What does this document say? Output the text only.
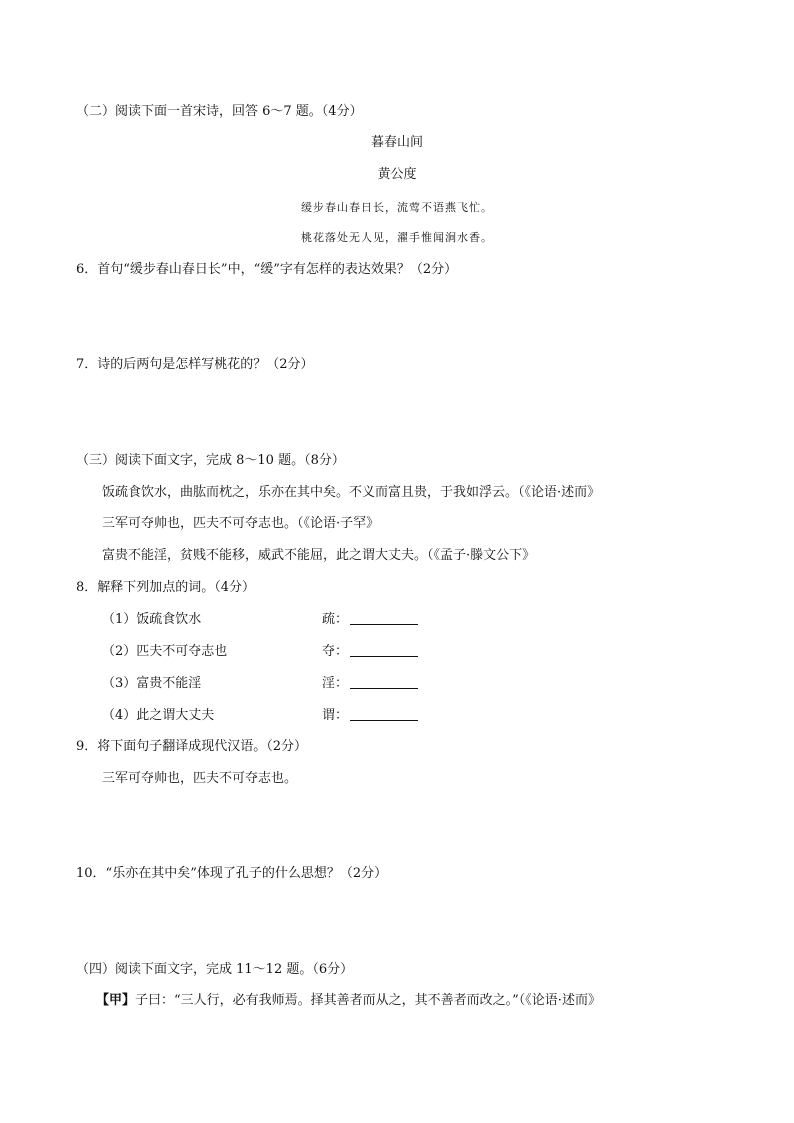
（二）阅读下面一首宋诗，回答 6～7 题。（4分）
暮春山间
黄公度
缓步春山春日长，流莺不语燕飞忙。
桃花落处无人见，濯手惟闻涧水香。
6．首句“缓步春山春日长”中，“缓”字有怎样的表达效果？（2分）
7．诗的后两句是怎样写桃花的？（2分）
（三）阅读下面文字，完成 8～10 题。（8分）
饭疏食饮水，曲肱而枕之，乐亦在其中矣。不义而富且贵，于我如浮云。（《论语·述而》
三军可夺帅也，匹夫不可夺志也。（《论语·子罕》
富贵不能淫，贫贱不能移，威武不能屈，此之谓大丈夫。（《孟子·滕文公下》
8．解释下列加点的词。（4分）
（1）饭疏食饮水	疏：
（2）匹夫不可夺志也	夺：
（3）富贵不能淫	淫：
（4）此之谓大丈夫	谓：
9．将下面句子翻译成现代汉语。（2分）
三军可夺帅也，匹夫不可夺志也。
10．“乐亦在其中矣”体现了孔子的什么思想？（2分）
（四）阅读下面文字，完成 11～12 题。（6分）
【甲】子曰：“三人行，必有我师焉。择其善者而从之，其不善者而改之。”（《论语·述而》
